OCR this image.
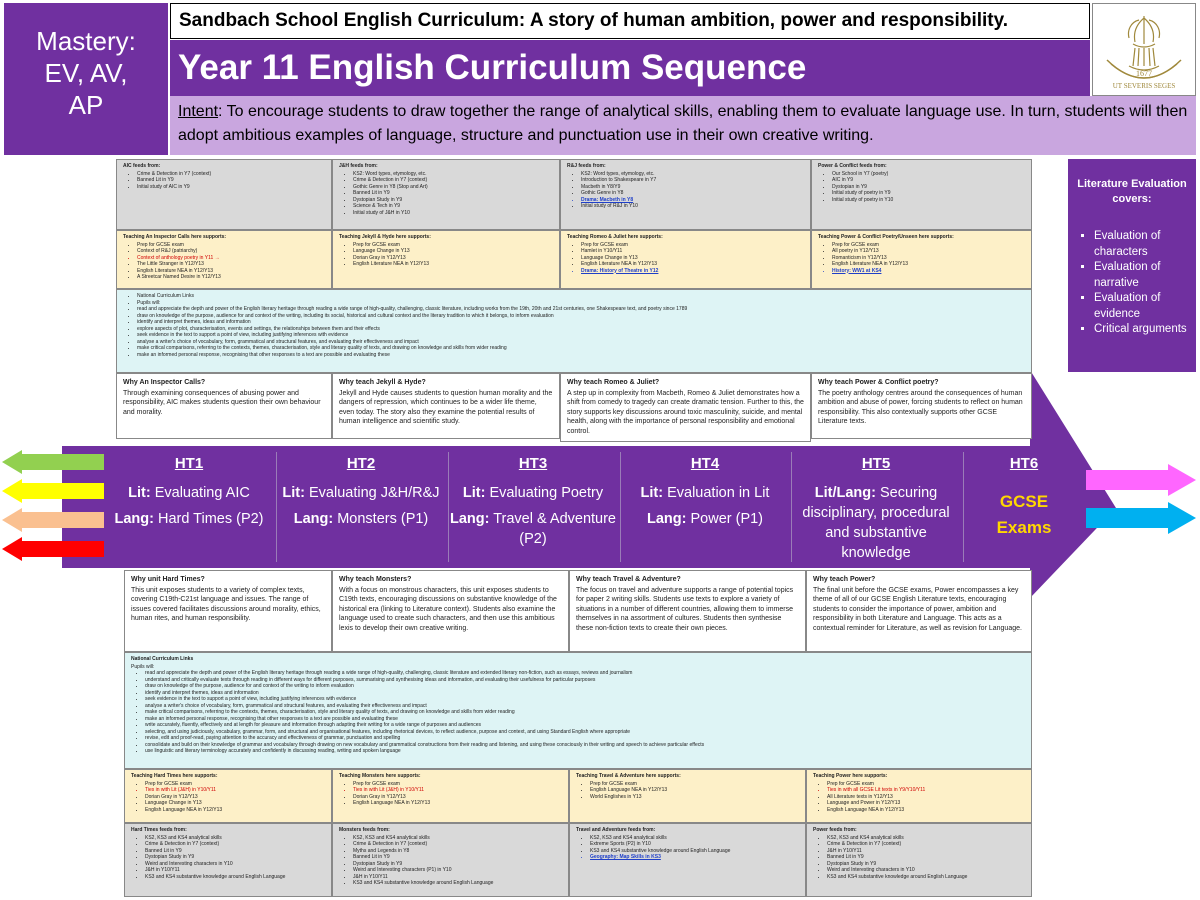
Mastery:
EV, AV,
AP
Sandbach School English Curriculum: A story of human ambition, power and responsibility.
Year 11 English Curriculum Sequence	1677
UT SEVERIS SEGES
Intent: To encourage students to draw together the range of analytical skills, enabling them to evaluate language use. In turn, students will then adopt ambitious examples of language, structure and punctuation use in their own creative writing.
Literature Evaluation covers:
▪ Evaluation of characters
▪ Evaluation of narrative
▪ Evaluation of evidence
▪ Critical arguments
AIC feeds from:
• Crime & Detection in Y7 (context)
• Banned Lit in Y9
• Initial study of AIC in Y9
J&H feeds from:
• KS2: Word types, etymology, etc.
• Crime & Detection in Y7 (context)
• Gothic Genre in Y8 (Stop and Art)
• Banned Lit in Y9
• Dystopian Study in Y9
• Science & Tech in Y9
• Initial study of J&H in Y10
R&J feeds from:
• KS2: Word types, etymology, etc.
• Introduction to Shakespeare in Y7
• Macbeth in Y8/Y9
• Gothic Genre in Y8
• Drama: Macbeth in Y8
• Initial study of R&J in Y10
Power & Conflict feeds from:
• Our School in Y7 (poetry)
• AIC in Y9
• Dystopian in Y9
• Initial study of poetry in Y9
• Initial study of poetry in Y10
Teaching An Inspector Calls here supports:
• Prep for GCSE exam
• Context of R&J (patriarchy)
• Context of anthology poetry in Y11 →
• The Little Stranger in Y12/Y13
• English Literature NEA in Y12/Y13
• A Streetcar Named Desire in Y12/Y13
Teaching Jekyll & Hyde here supports:
• Prep for GCSE exam
• Language Change in Y13
• Dorian Gray in Y12/Y13
• English Literature NEA in Y12/Y13
Teaching Romeo & Juliet here supports:
• Prep for GCSE exam
• Hamlet in Y10/Y11
• Language Change in Y13
• English Literature NEA in Y12/Y13
• Drama: History of Theatre in Y12
Teaching Power & Conflict Poetry/Unseen here supports:
• Prep for GCSE exam
• All poetry in Y12/Y13
• Romanticism in Y12/Y13
• English Literature NEA in Y12/Y13
• History: WW1 at KS4
• National Curriculum Links
• Pupils will:
• read and appreciate the depth and power of the English literary heritage through reading a wide range of high-quality, challenging, classic literature, including works from the 19th, 20th and 21st centuries, one Shakespeare text, and poetry since 1789
• draw on knowledge of the purpose, audience for and context of the writing, including its social, historical and cultural context and the literary tradition to which it belongs, to inform evaluation
• identify and interpret themes, ideas and information
• explore aspects of plot, characterisation, events and settings, the relationships between them and their effects
• seek evidence in the text to support a point of view, including justifying inferences with evidence
• analyse a writer's choice of vocabulary, form, grammatical and structural features, and evaluating their effectiveness and impact
• make critical comparisons, referring to the contexts, themes, characterisation, style and literary quality of texts, and drawing on knowledge and skills from wider reading
• make an informed personal response, recognising that other responses to a text are possible and evaluating these
Why An Inspector Calls?
Through examining consequences of abusing power and responsibility, AIC makes students question their own behaviour and morality.
Why teach Jekyll & Hyde?
Jekyll and Hyde causes students to question human morality and the dangers of repression, which continues to be a wider life theme, even today. The story also they examine the potential results of human intelligence and scientific study.
Why teach Romeo & Juliet?
A step up in complexity from Macbeth, Romeo & Juliet demonstrates how a shift from comedy to tragedy can create dramatic tension. Further to this, the story supports key discussions around toxic masculinity, suicide, and mental health, along with the importance of personal responsibility and emotional control.
Why teach Power & Conflict poetry?
The poetry anthology centres around the consequences of human ambition and abuse of power, forcing students to reflect on human responsibility. This also contextually supports other GCSE Literature texts.
HT1
Lit: Evaluating AIC
Lang: Hard Times (P2)
HT2
Lit: Evaluating J&H/R&J
Lang: Monsters (P1)
HT3
Lit: Evaluating Poetry
Lang: Travel & Adventure (P2)
HT4
Lit: Evaluation in Lit
Lang: Power (P1)
HT5
Lit/Lang: Securing disciplinary, procedural and substantive knowledge
HT6
GCSE Exams
Why unit Hard Times?
This unit exposes students to a variety of complex texts, covering C19th-C21st language and issues. The range of issues covered facilitates discussions around morality, ethics, human rites, and human responsibility.
Why teach Monsters?
With a focus on monstrous characters, this unit exposes students to C19th texts, encouraging discussions on substantive knowledge of the historical era (linking to Literature context). Students also examine the language used to create such characters, and then use this ambitious lexis to develop their own creative writing.
Why teach Travel & Adventure?
The focus on travel and adventure supports a range of potential topics for paper 2 writing skills. Students use texts to explore a variety of situations in a number of different countries, allowing them to immerse themselves in na assortment of cultures. Students then synthesise these non-fiction texts to create their own pieces.
Why teach Power?
The final unit before the GCSE exams, Power encompasses a key theme of all of our GCSE English Literature texts, encouraging students to consider the importance of power, ambition and responsibility in both Literature and Language. This acts as a contextual reminder for Literature, as well as revision for Language.
National Curriculum Links
Pupils will:
• read and appreciate the depth and power of the English literary heritage through reading a wide range of high-quality, challenging, classic literature and extended literary non-fiction, such as essays, reviews and journalism
• understand and critically evaluate texts through reading in different ways for different purposes, summarising and synthesising ideas and information, and evaluating their usefulness for particular purposes
• draw on knowledge of the purpose, audience for and context of the writing to inform evaluation
• identify and interpret themes, ideas and information
• seek evidence in the text to support a point of view, including justifying inferences with evidence
• analyse a writer's choice of vocabulary, form, grammatical and structural features, and evaluating their effectiveness and impact
• make critical comparisons, referring to the contexts, themes, characterisation, style and literary quality of texts, and drawing on knowledge and skills from wider reading
• make an informed personal response, recognising that other responses to a text are possible and evaluating these
• write accurately, fluently, effectively and at length for pleasure and information through adapting their writing for a wide range of purposes and audiences
• selecting, and using judiciously, vocabulary, grammar, form, and structural and organisational features, including rhetorical devices, to reflect audience, purpose and context, and using Standard English where appropriate
• revise, edit and proof-read, paying attention to the accuracy and effectiveness of grammar, punctuation and spelling
• consolidate and build on their knowledge of grammar and vocabulary through drawing on new vocabulary and grammatical constructions from their reading and listening, and using these consciously in their writing and speech to achieve particular effects
• use linguistic and literary terminology accurately and confidently in discussing reading, writing and spoken language
Teaching Hard Times here supports:
• Prep for GCSE exam
• Ties in with Lit (J&H) in Y10/Y11
• Dorian Gray in Y12/Y13
• Language Change in Y13
• English Language NEA in Y12/Y13
Teaching Monsters here supports:
• Prep for GCSE exam
• Ties in with Lit (J&H) in Y10/Y11
• Dorian Gray in Y12/Y13
• English Language NEA in Y12/Y13
Teaching Travel & Adventure here supports:
• Prep for GCSE exam
• English Language NEA in Y12/Y13
• World Englishes in Y13
Teaching Power here supports:
• Prep for GCSE exam
• Ties in with all GCSE Lit texts in Y9/Y10/Y11
• All Literature texts in Y12/Y13
• Language and Power in Y12/Y13
• English Language NEA in Y12/Y13
Hard Times feeds from:
• KS2, KS3 and KS4 analytical skills
• Crime & Detection in Y7 (context)
• Banned Lit in Y9
• Dystopian Study in Y9
• Weird and Interesting characters in Y10
• J&H in Y10/Y11
• KS3 and KS4 substantive knowledge around English Language
Monsters feeds from:
• KS2, KS3 and KS4 analytical skills
• Crime & Detection in Y7 (context)
• Myths and Legends in Y8
• Banned Lit in Y9
• Dystopian Study in Y9
• Weird and Interesting characters (P1) in Y10
• J&H in Y10/Y11
• KS3 and KS4 substantive knowledge around English Language
Travel and Adventure feeds from:
• KS2, KS3 and KS4 analytical skills
• Extreme Sports (P2) in Y10
• KS3 and KS4 substantive knowledge around English Language
• Geography: Map Skills in KS3
Power feeds from:
• KS2, KS3 and KS4 analytical skills
• Crime & Detection in Y7 (context)
• J&H in Y10/Y11
• Banned Lit in Y9
• Dystopian Study in Y9
• Weird and Interesting characters in Y10
• KS3 and KS4 substantive knowledge around English Language
